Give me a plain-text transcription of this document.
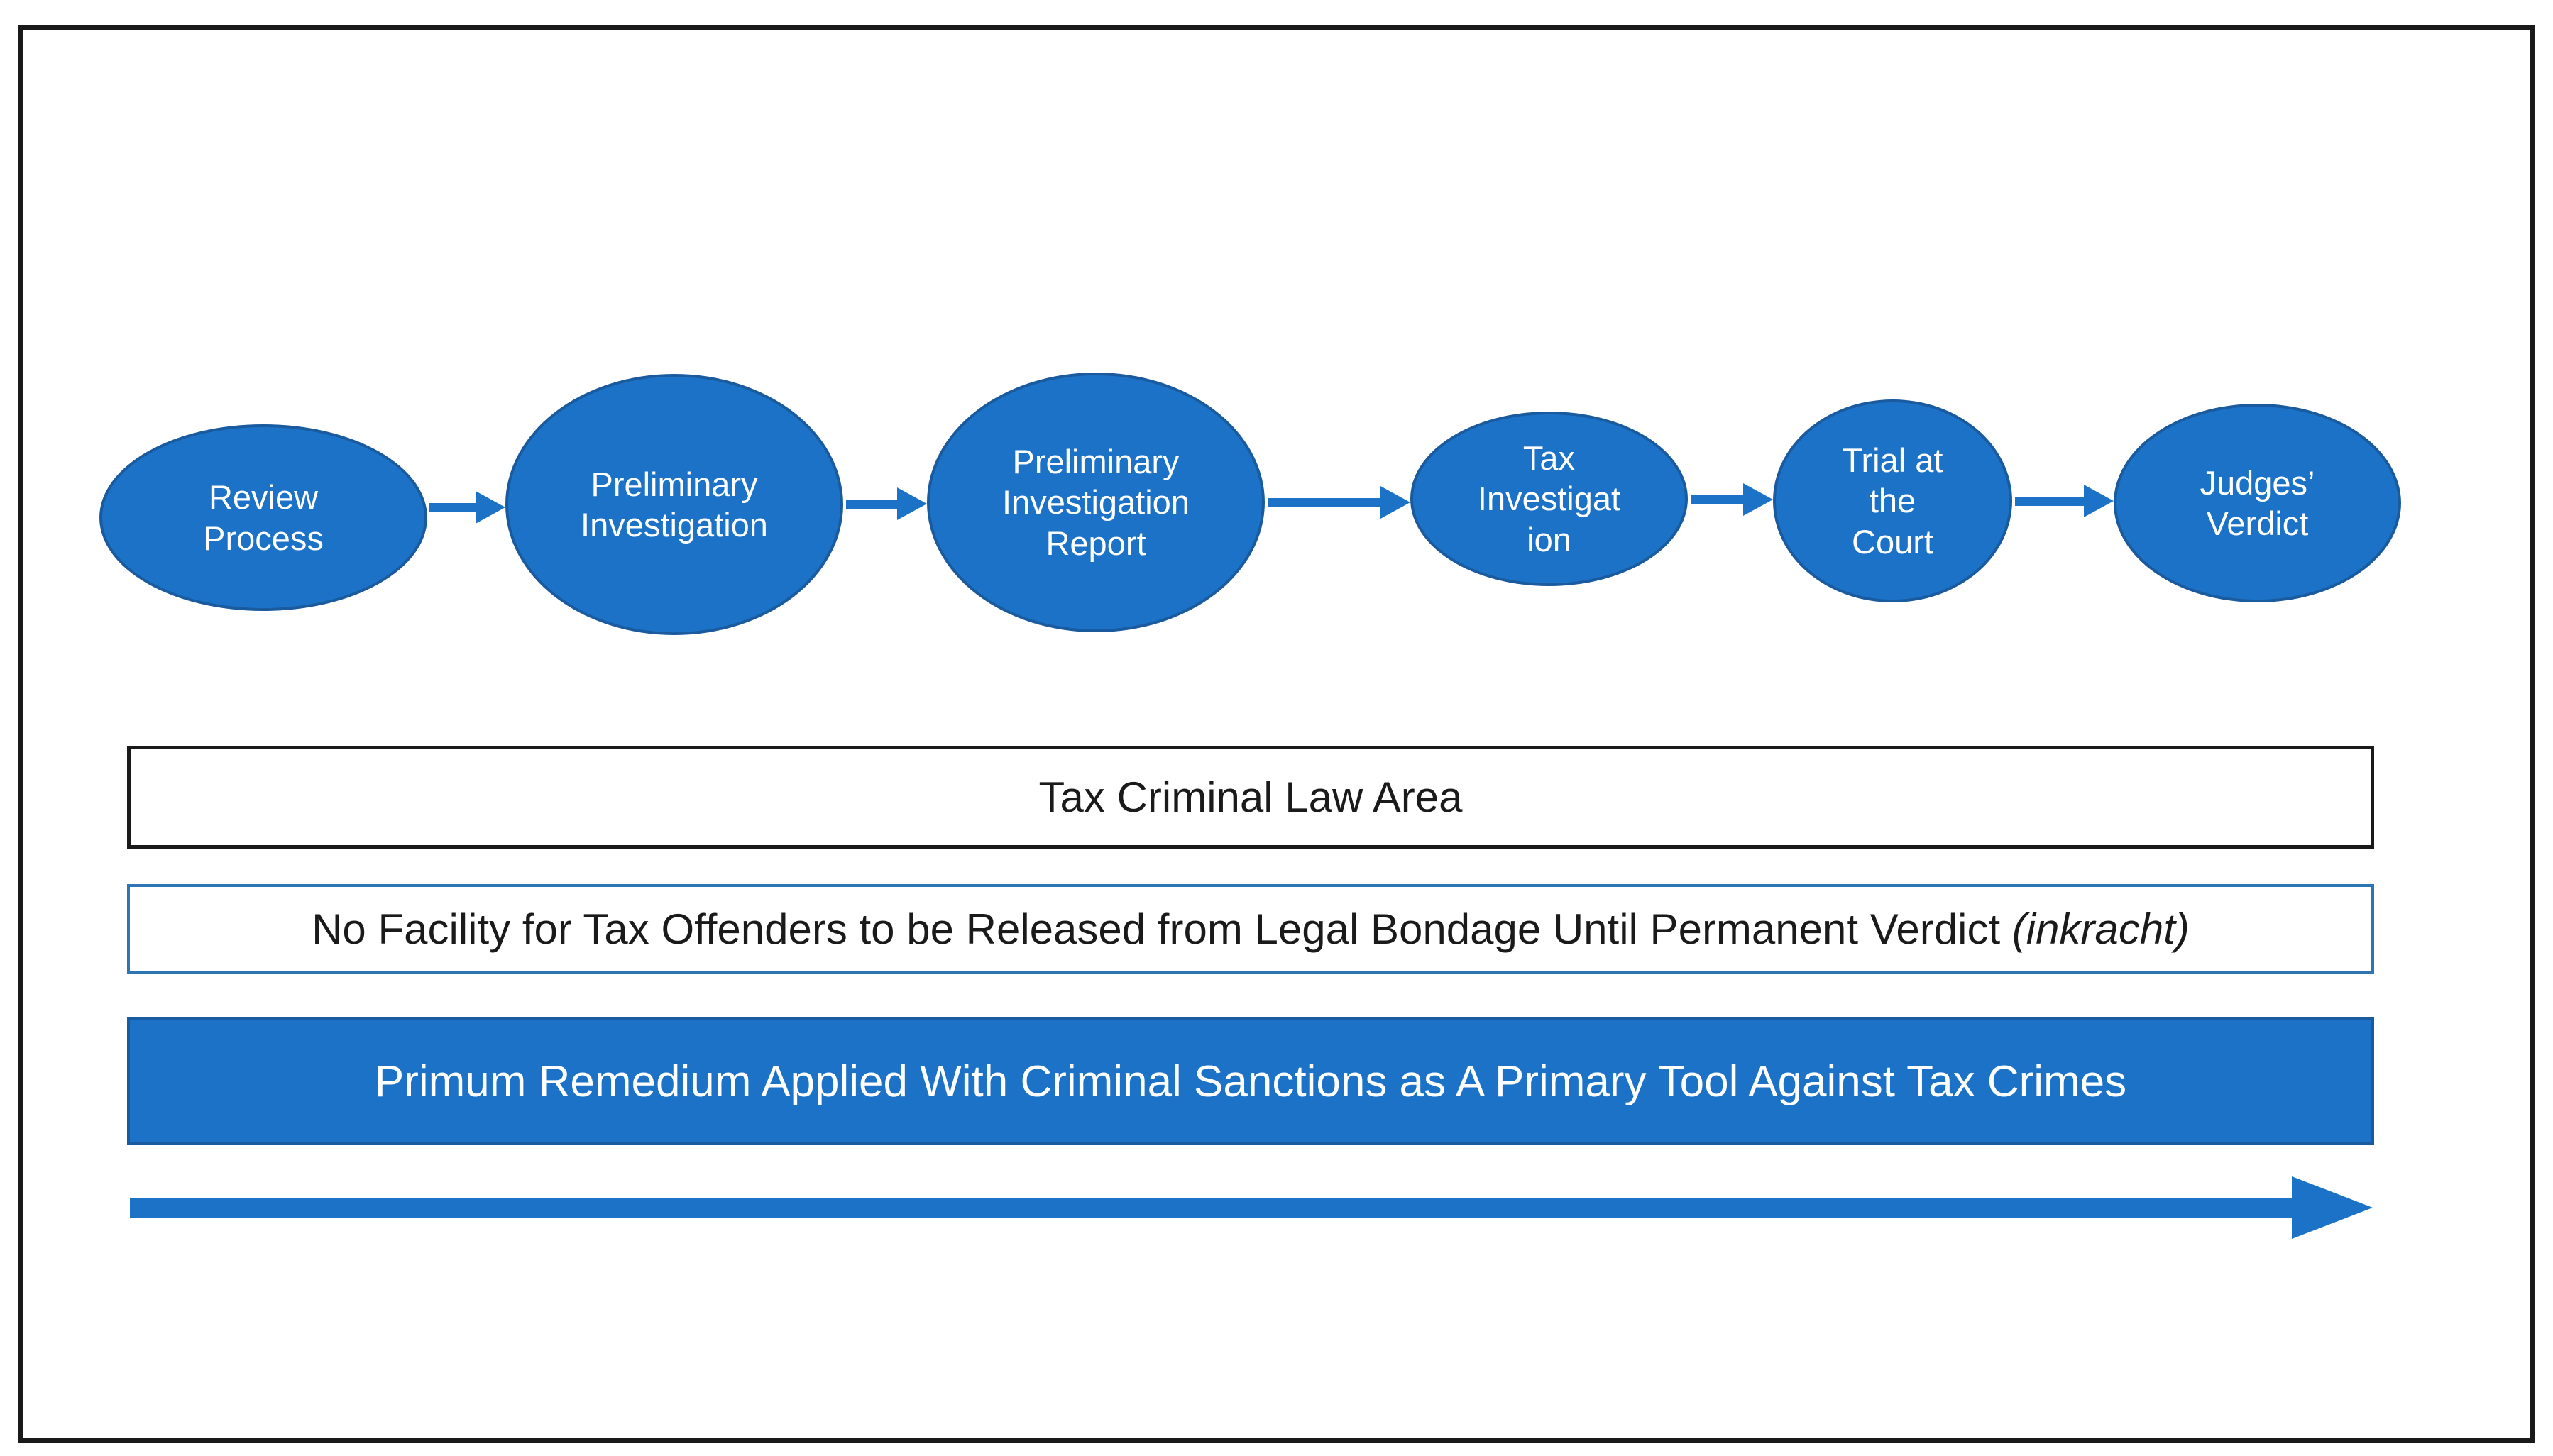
Review
Process
Preliminary
Investigation
Preliminary
Investigation
Report
Tax
Investigat
ion
Trial at
the
Court
Judges’
Verdict
Tax Criminal Law Area
No Facility for Tax Offenders to be Released from Legal Bondage Until Permanent Verdict (inkracht)
Primum Remedium Applied With Criminal Sanctions as A Primary Tool Against Tax Crimes
